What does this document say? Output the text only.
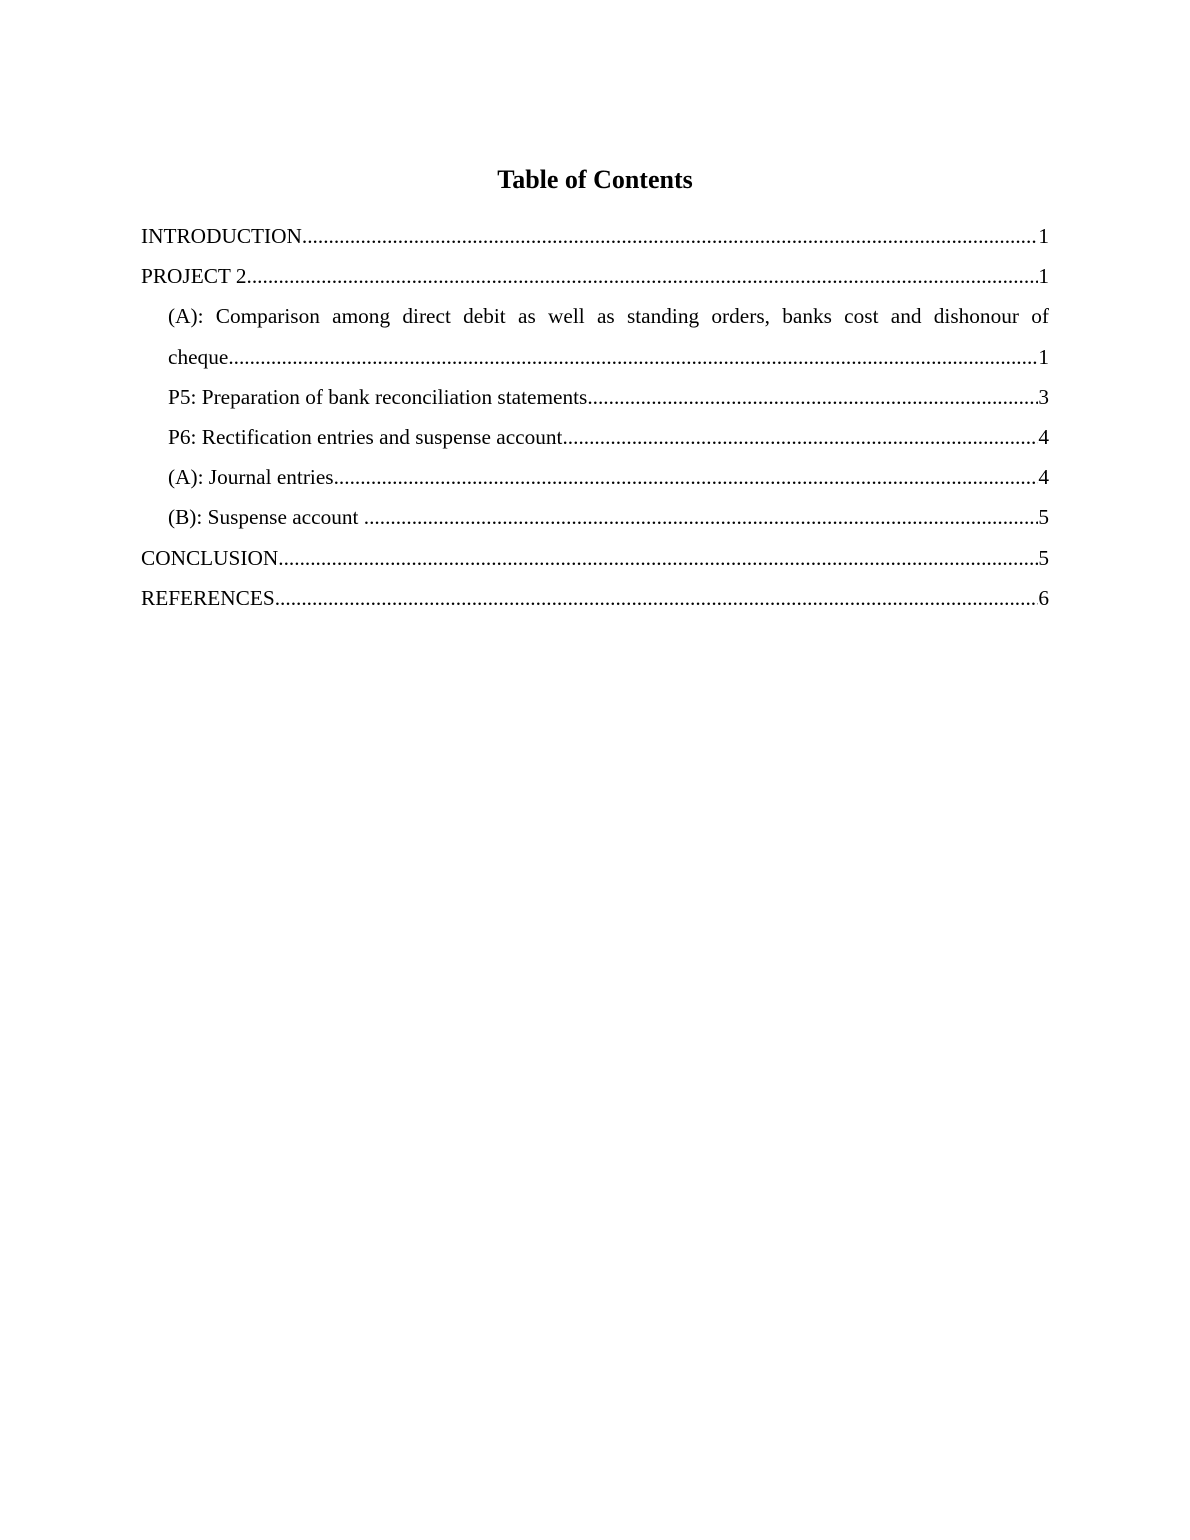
Table of Contents
INTRODUCTION .....	1
PROJECT 2 .....	1
(A): Comparison among direct debit as well as standing orders, banks cost and dishonour of
cheque .....	1
P5: Preparation of bank reconciliation statements .....	3
P6: Rectification entries and suspense account .....	4
(A): Journal entries .....	4
(B): Suspense account .....	5
CONCLUSION .....	5
REFERENCES .....	6
